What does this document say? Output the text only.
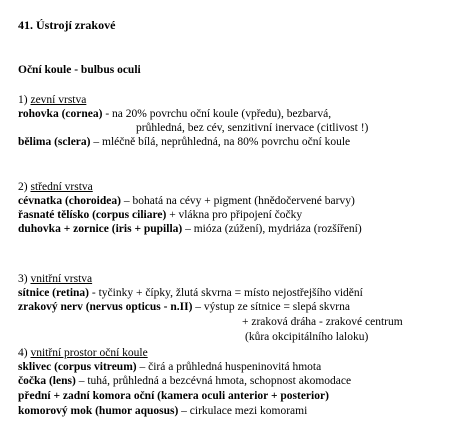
41. Ústrojí zrakové
Oční koule - bulbus oculi
1) zevní vrstva
rohovka (cornea) - na 20% povrchu oční koule (vpředu), bezbarvá,
průhledná, bez cév, senzitivní inervace (citlivost !)
bělima (sclera) – mléčně bílá, neprůhledná, na 80% povrchu oční koule
2) střední vrstva
cévnatka (choroidea) – bohatá na cévy + pigment (hnědočervené barvy)
řasnaté tělísko (corpus ciliare) + vlákna pro připojení čočky
duhovka + zornice (iris + pupilla) – mióza (zúžení), mydriáza (rozšíření)
3) vnitřní vrstva
sítnice (retina) - tyčinky + čípky, žlutá skvrna = místo nejostřejšího vidění
zrakový nerv (nervus opticus - n.II) – výstup ze sítnice = slepá skvrna
+ zraková dráha - zrakové centrum
(kůra okcipitálního laloku)
4) vnitřní prostor oční koule
sklivec (corpus vitreum) – čirá a průhledná huspeninovitá hmota
čočka (lens) – tuhá, průhledná a bezcévná hmota, schopnost akomodace
přední + zadní komora oční (kamera oculi anterior + posterior)
komorový mok (humor aquosus) – cirkulace mezi komorami
